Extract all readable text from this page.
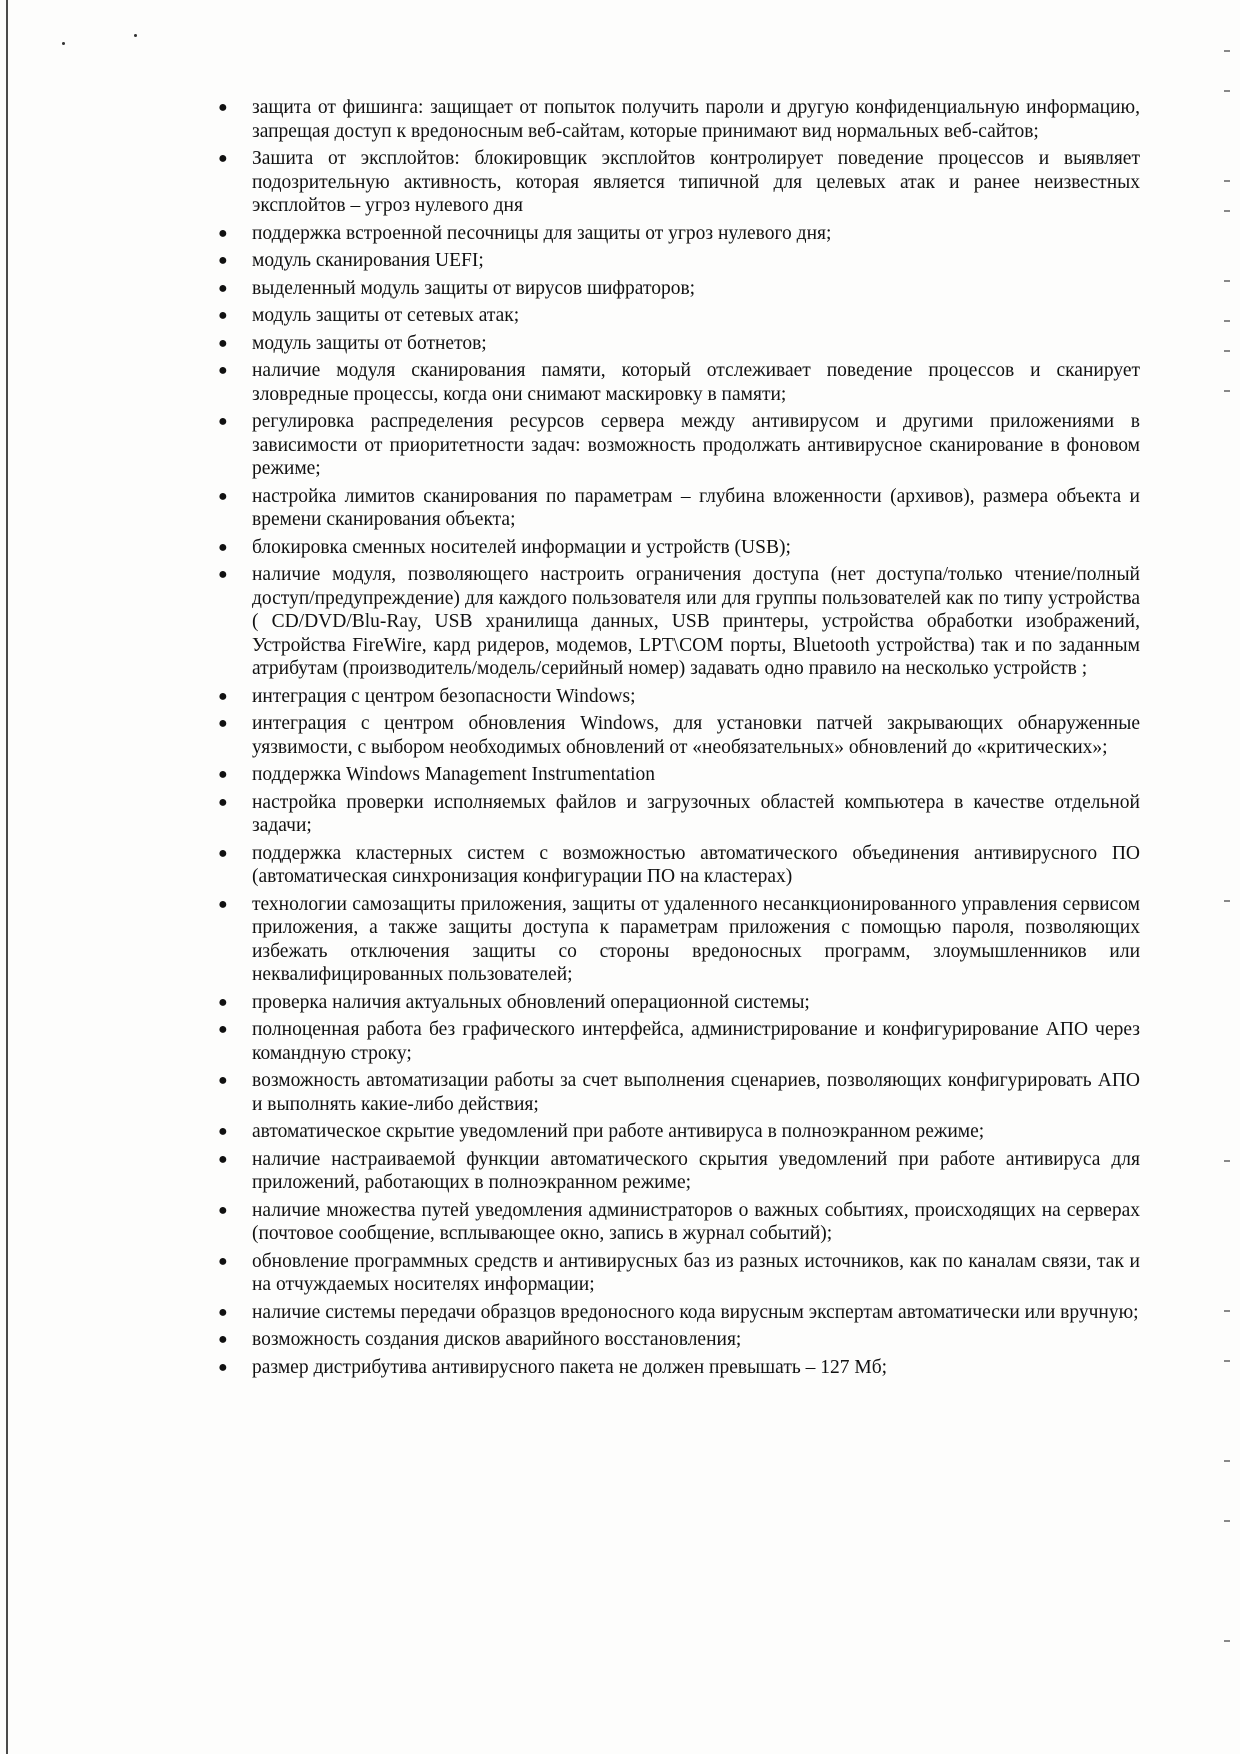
● защита от фишинга: защищает от попыток получить пароли и другую конфиденциальную информацию, запрещая доступ к вредоносным веб-сайтам, которые принимают вид нормальных веб-сайтов;
● Зашита от эксплойтов: блокировщик эксплойтов контролирует поведение процессов и выявляет подозрительную активность, которая является типичной для целевых атак и ранее неизвестных эксплойтов – угроз нулевого дня
● поддержка встроенной песочницы для защиты от угроз нулевого дня;
● модуль сканирования UEFI;
● выделенный модуль защиты от вирусов шифраторов;
● модуль защиты от сетевых атак;
● модуль защиты от ботнетов;
● наличие модуля сканирования памяти, который отслеживает поведение процессов и сканирует зловредные процессы, когда они снимают маскировку в памяти;
● регулировка распределения ресурсов сервера между антивирусом и другими приложениями в зависимости от приоритетности задач: возможность продолжать антивирусное сканирование в фоновом режиме;
● настройка лимитов сканирования по параметрам – глубина вложенности (архивов), размера объекта и времени сканирования объекта;
● блокировка сменных носителей информации и устройств (USB);
● наличие модуля, позволяющего настроить ограничения доступа (нет доступа/только чтение/полный доступ/предупреждение) для каждого пользователя или для группы пользователей как по типу устройства ( CD/DVD/Blu-Ray, USB хранилища данных, USB принтеры, устройства обработки изображений, Устройства FireWire, кард ридеров, модемов, LPT\COM порты, Bluetooth устройства) так и по заданным атрибутам (производитель/модель/серийный номер) задавать одно правило на несколько устройств ;
● интеграция с центром безопасности Windows;
● интеграция с центром обновления Windows, для установки патчей закрывающих обнаруженные уязвимости, с выбором необходимых обновлений от «необязательных» обновлений до «критических»;
● поддержка Windows Management Instrumentation
● настройка проверки исполняемых файлов и загрузочных областей компьютера в качестве отдельной задачи;
● поддержка кластерных систем с возможностью автоматического объединения антивирусного ПО (автоматическая синхронизация конфигурации ПО на кластерах)
● технологии самозащиты приложения, защиты от удаленного несанкционированного управления сервисом приложения, а также защиты доступа к параметрам приложения с помощью пароля, позволяющих избежать отключения защиты со стороны вредоносных программ, злоумышленников или неквалифицированных пользователей;
● проверка наличия актуальных обновлений операционной системы;
● полноценная работа без графического интерфейса, администрирование и конфигурирование АПО через командную строку;
● возможность автоматизации работы за счет выполнения сценариев, позволяющих конфигурировать АПО и выполнять какие-либо действия;
● автоматическое скрытие уведомлений при работе антивируса в полноэкранном режиме;
● наличие настраиваемой функции автоматического скрытия уведомлений при работе антивируса для приложений, работающих в полноэкранном режиме;
● наличие множества путей уведомления администраторов о важных событиях, происходящих на серверах (почтовое сообщение, всплывающее окно, запись в журнал событий);
● обновление программных средств и антивирусных баз из разных источников, как по каналам связи, так и на отчуждаемых носителях информации;
● наличие системы передачи образцов вредоносного кода вирусным экспертам автоматически или вручную;
● возможность создания дисков аварийного восстановления;
● размер дистрибутива антивирусного пакета не должен превышать – 127 Мб;
